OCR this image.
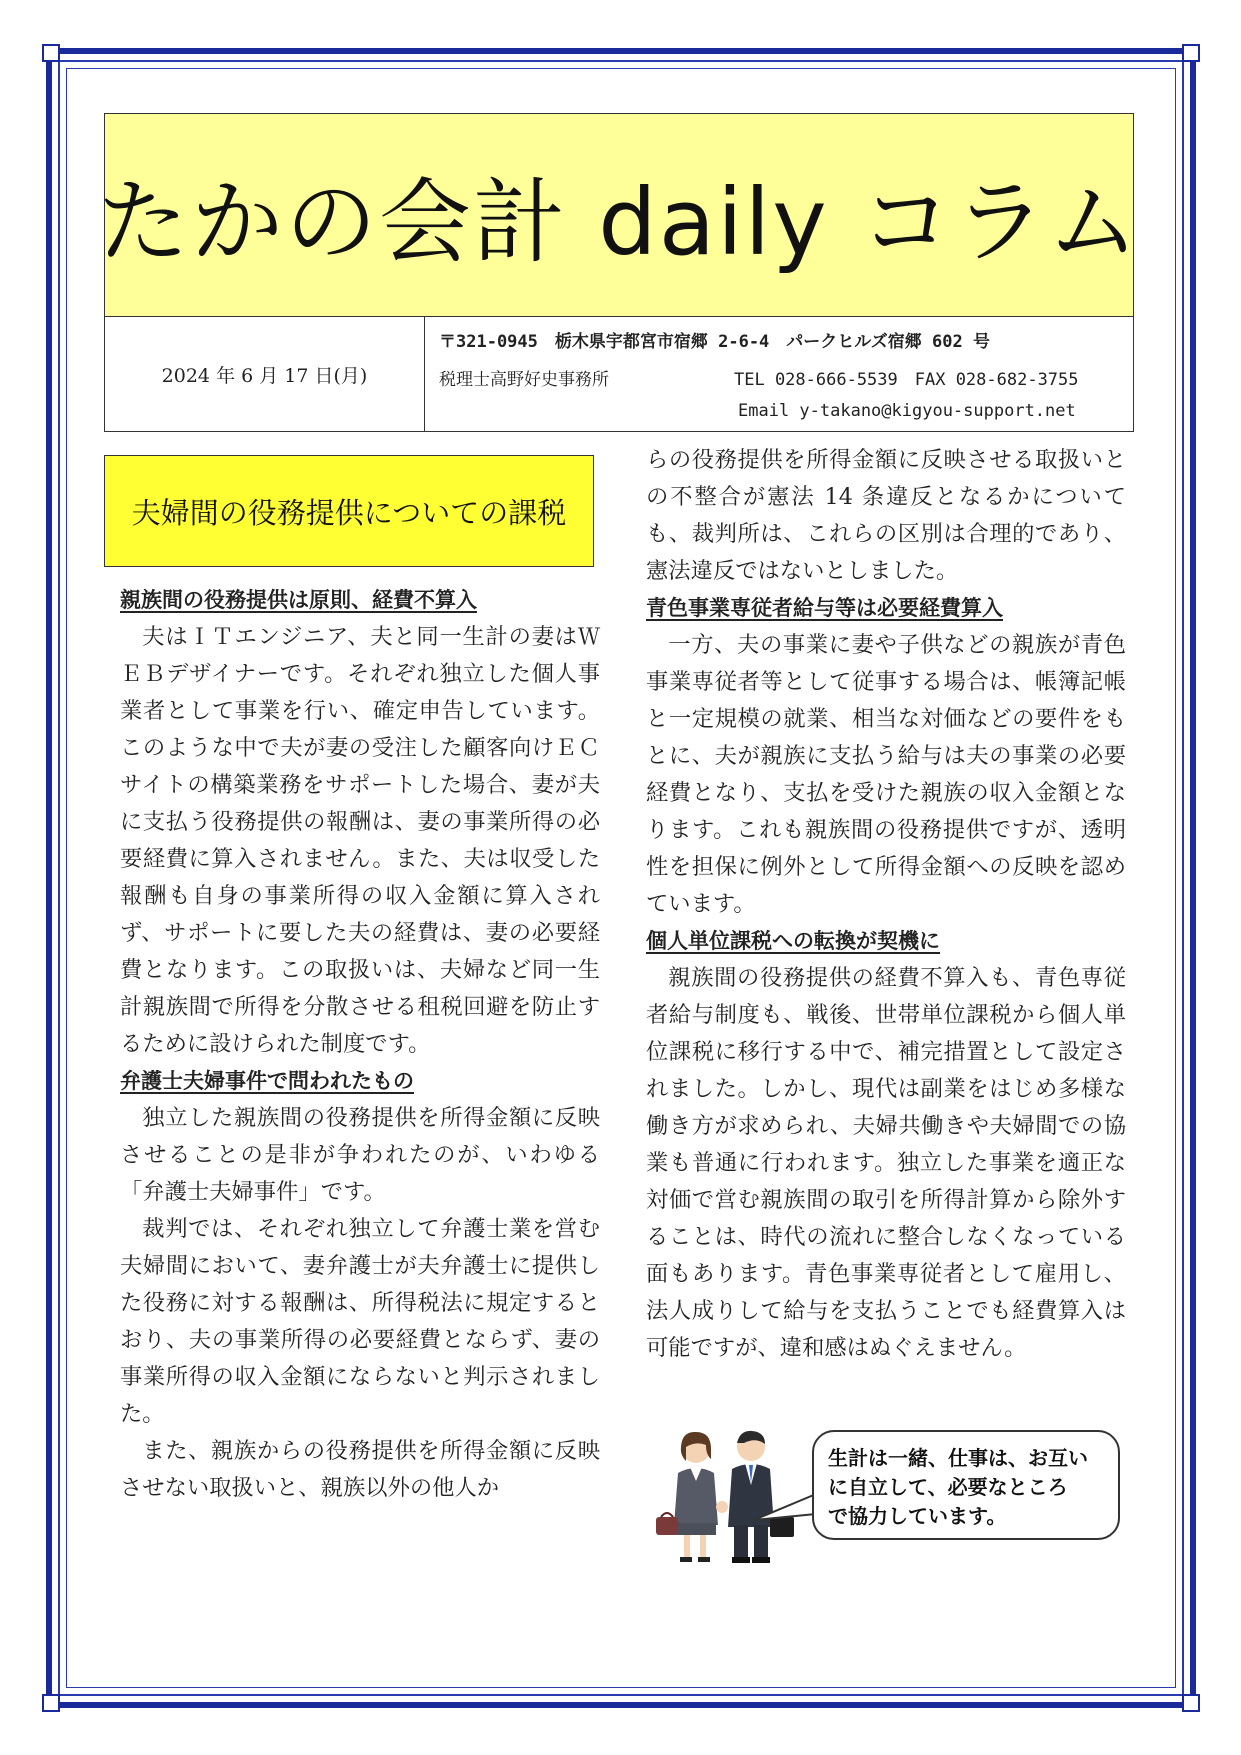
たかの会計 daily コラム
2024 年 6 月 17 日(月)
〒321-0945　栃木県宇都宮市宿郷 2-6-4　パークヒルズ宿郷 602 号
税理士高野好史事務所	TEL 028-666-5539　FAX 028-682-3755
Email y-takano@kigyou-support.net
夫婦間の役務提供についての課税
親族間の役務提供は原則、経費不算入

夫はＩＴエンジニア、夫と同一生計の妻はＷＥＢデザイナーです。それぞれ独立した個人事業者として事業を行い、確定申告しています。このような中で夫が妻の受注した顧客向けＥＣサイトの構築業務をサポートした場合、妻が夫に支払う役務提供の報酬は、妻の事業所得の必要経費に算入されません。また、夫は収受した報酬も自身の事業所得の収入金額に算入されず、サポートに要した夫の経費は、妻の必要経費となります。この取扱いは、夫婦など同一生計親族間で所得を分散させる租税回避を防止するために設けられた制度です。

弁護士夫婦事件で問われたもの

独立した親族間の役務提供を所得金額に反映させることの是非が争われたのが、いわゆる「弁護士夫婦事件」です。

裁判では、それぞれ独立して弁護士業を営む夫婦間において、妻弁護士が夫弁護士に提供した役務に対する報酬は、所得税法に規定するとおり、夫の事業所得の必要経費とならず、妻の事業所得の収入金額にならないと判示されました。

また、親族からの役務提供を所得金額に反映させない取扱いと、親族以外の他人か

らの役務提供を所得金額に反映させる取扱いとの不整合が憲法 14 条違反となるかについても、裁判所は、これらの区別は合理的であり、憲法違反ではないとしました。

青色事業専従者給与等は必要経費算入

一方、夫の事業に妻や子供などの親族が青色事業専従者等として従事する場合は、帳簿記帳と一定規模の就業、相当な対価などの要件をもとに、夫が親族に支払う給与は夫の事業の必要経費となり、支払を受けた親族の収入金額となります。これも親族間の役務提供ですが、透明性を担保に例外として所得金額への反映を認めています。

個人単位課税への転換が契機に

親族間の役務提供の経費不算入も、青色専従者給与制度も、戦後、世帯単位課税から個人単位課税に移行する中で、補完措置として設定されました。しかし、現代は副業をはじめ多様な働き方が求められ、夫婦共働きや夫婦間での協業も普通に行われます。独立した事業を適正な対価で営む親族間の取引を所得計算から除外することは、時代の流れに整合しなくなっている面もあります。青色事業専従者として雇用し、法人成りして給与を支払うことでも経費算入は可能ですが、違和感はぬぐえません。

生計は一緒、仕事は、お互い
に自立して、必要なところ
で協力しています。
